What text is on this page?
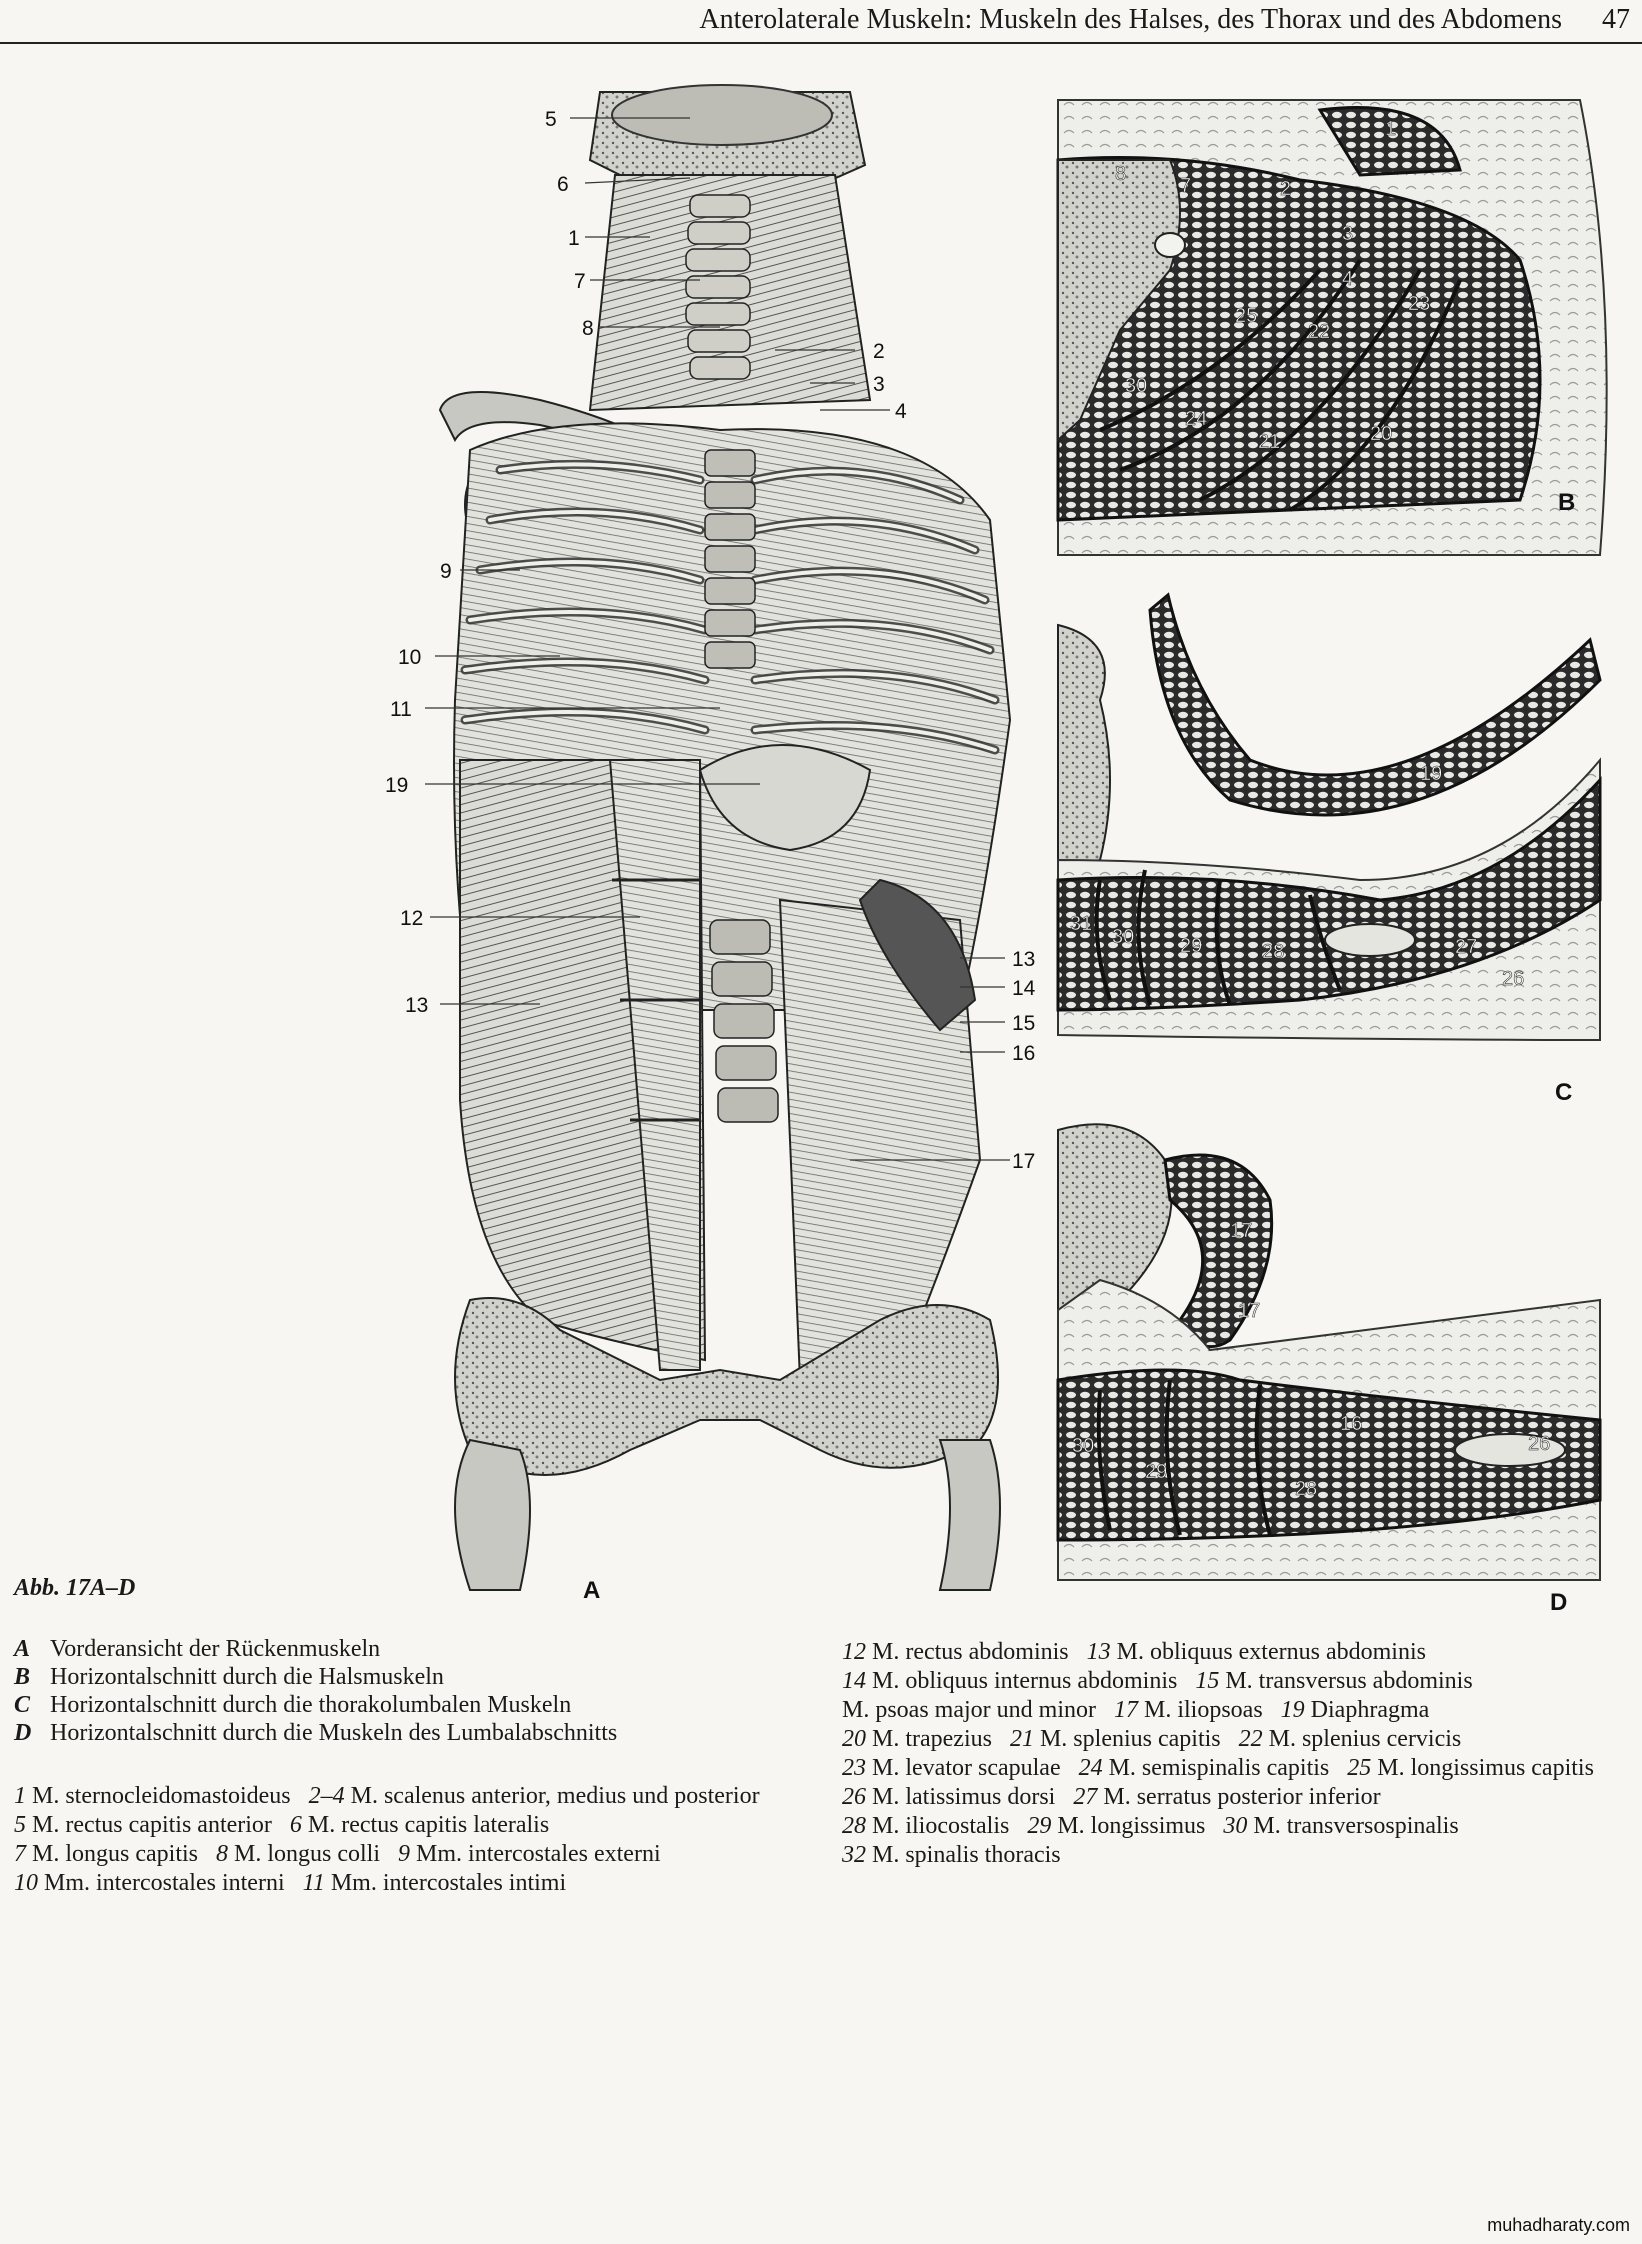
Anterolaterale Muskeln: Muskeln des Halses, des Thorax und des Abdomens 47
5
6
1
7
8
2
3
4
9
10
11
19
12
13
13
14
15
16
17
A
1
8
7	2
3
4
23
25
22
30
24
21	20
B
19
31
30 29	28	27
26
C
17
17
16
30
29
28
26
D
Abb. 17A–D
A Vorderansicht der Rückenmuskeln
B Horizontalschnitt durch die Halsmuskeln
C Horizontalschnitt durch die thorakolumbalen Muskeln
D Horizontalschnitt durch die Muskeln des Lumbalabschnitts
1 M. sternocleidomastoideus 2–4 M. scalenus anterior, medius und posterior   5 M. rectus capitis anterior 6 M. rectus capitis lateralis
7 M. longus capitis 8 M. longus colli 9 Mm. intercostales externi
10 Mm. intercostales interni 11 Mm. intercostales intimi
12 M. rectus abdominis 13 M. obliquus externus abdominis
14 M. obliquus internus abdominis 15 M. transversus abdominis
M. psoas major und minor 17 M. iliopsoas 19 Diaphragma
20 M. trapezius 21 M. splenius capitis 22 M. splenius cervicis
23 M. levator scapulae 24 M. semispinalis capitis 25 M. longissimus capitis
26 M. latissimus dorsi 27 M. serratus posterior inferior
28 M. iliocostalis 29 M. longissimus 30 M. transversospinalis
32 M. spinalis thoracis
muhadharaty.com
